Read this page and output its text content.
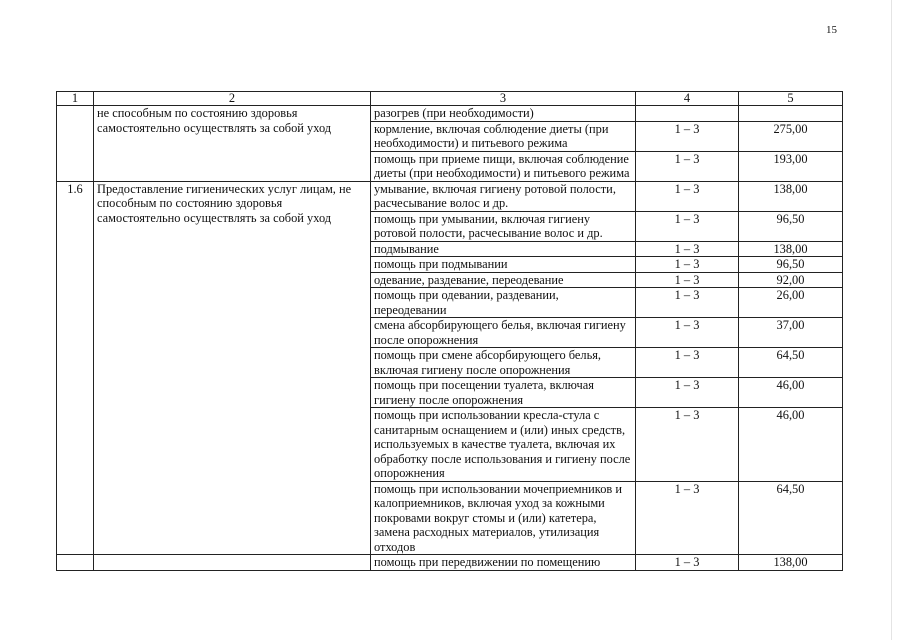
15
1	2	3	4	5
	не способным по состоянию здоровья самостоятельно осуществлять за собой уход	разогрев (при необходимости)		
		кормление, включая соблюдение диеты (при необходимости) и питьевого режима	1 – 3	275,00
		помощь при приеме пищи, включая соблюдение диеты (при необходимости) и питьевого режима	1 – 3	193,00
1.6	Предоставление гигиенических услуг лицам, не способным по состоянию здоровья самостоятельно осуществлять за собой уход	умывание, включая гигиену ротовой полости, расчесывание волос и др.	1 – 3	138,00
		помощь при умывании, включая гигиену ротовой полости, расчесывание волос и др.	1 – 3	96,50
		подмывание	1 – 3	138,00
		помощь при подмывании	1 – 3	96,50
		одевание, раздевание, переодевание	1 – 3	92,00
		помощь при одевании, раздевании, переодевании	1 – 3	26,00
		смена абсорбирующего белья, включая гигиену после опорожнения	1 – 3	37,00
		помощь при смене абсорбирующего белья, включая гигиену после опорожнения	1 – 3	64,50
		помощь при посещении туалета, включая гигиену после опорожнения	1 – 3	46,00
		помощь при использовании кресла-стула с санитарным оснащением и (или) иных средств, используемых в качестве туалета, включая их обработку после использования и гигиену после опорожнения	1 – 3	46,00
		помощь при использовании мочеприемников и калоприемников, включая уход за кожными покровами вокруг стомы и (или) катетера, замена расходных материалов, утилизация отходов	1 – 3	64,50
		помощь при передвижении по помещению	1 – 3	138,00
